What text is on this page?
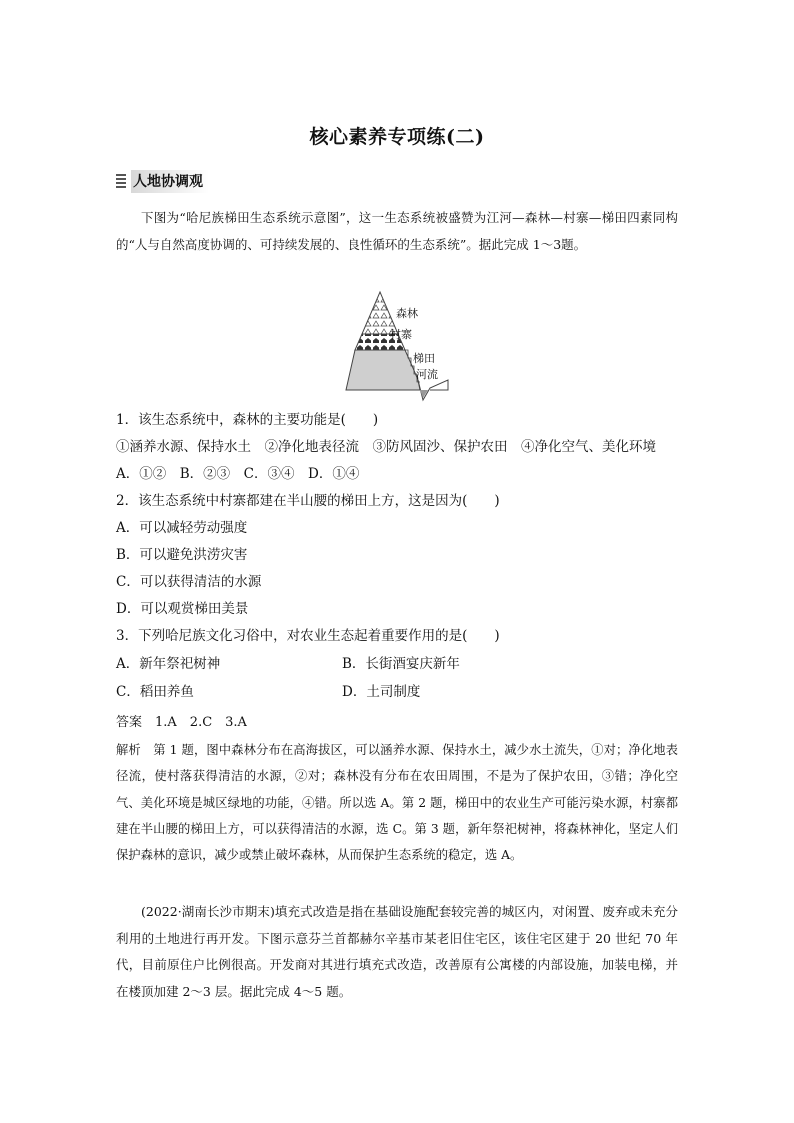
核心素养专项练(二)
人地协调观
下图为“哈尼族梯田生态系统示意图”，这一生态系统被盛赞为江河—森林—村寨—梯田四素同构的“人与自然高度协调的、可持续发展的、良性循环的生态系统”。据此完成 1～3题。
森林
村寨
梯田
河流
1．该生态系统中，森林的主要功能是(　　)
①涵养水源、保持水土　②净化地表径流　③防风固沙、保护农田　④净化空气、美化环境
A．①②　B．②③　C．③④　D．①④
2．该生态系统中村寨都建在半山腰的梯田上方，这是因为(　　)
A．可以减轻劳动强度
B．可以避免洪涝灾害
C．可以获得清洁的水源
D．可以观赏梯田美景
3．下列哈尼族文化习俗中，对农业生态起着重要作用的是(　　)
A．新年祭祀树神	B．长街酒宴庆新年
C．稻田养鱼	D．土司制度
答案　1.A　2.C　3.A
解析　第 1 题，图中森林分布在高海拔区，可以涵养水源、保持水土，减少水土流失，①对；净化地表径流，使村落获得清洁的水源，②对；森林没有分布在农田周围，不是为了保护农田，③错；净化空气、美化环境是城区绿地的功能，④错。所以选 A。第 2 题，梯田中的农业生产可能污染水源，村寨都建在半山腰的梯田上方，可以获得清洁的水源，选 C。第 3 题，新年祭祀树神，将森林神化，坚定人们保护森林的意识，减少或禁止破坏森林，从而保护生态系统的稳定，选 A。
(2022·湖南长沙市期末)填充式改造是指在基础设施配套较完善的城区内，对闲置、废弃或未充分利用的土地进行再开发。下图示意芬兰首都赫尔辛基市某老旧住宅区，该住宅区建于 20 世纪 70 年代，目前原住户比例很高。开发商对其进行填充式改造，改善原有公寓楼的内部设施，加装电梯，并在楼顶加建 2～3 层。据此完成 4～5 题。
